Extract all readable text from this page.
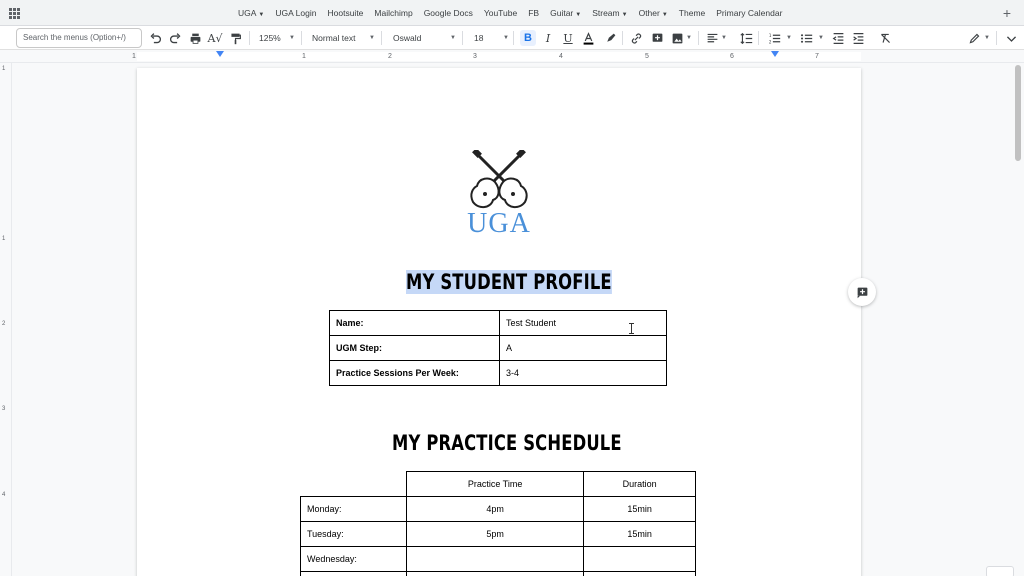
UGA ▼ UGA Login Hootsuite Mailchimp Google Docs YouTube FB Guitar ▼ Stream ▼ Other ▼ Theme Primary Calendar	+
Search the menus (Option+/)	A√	125% ▼ Normal text ▼ Oswald	▼ 18	▼	B	I	U	▼	▼
1
2
▼	▼	▼
1	1	2	3	4	5	6	7
1
1
2
3
4
UGA
MY STUDENT PROFILE
Name:	Test Student
UGM Step:	A
Practice Sessions Per Week:	3-4
MY PRACTICE SCHEDULE
	Practice Time	Duration
Monday:	4pm	15min
Tuesday:	5pm	15min
Wednesday:		
